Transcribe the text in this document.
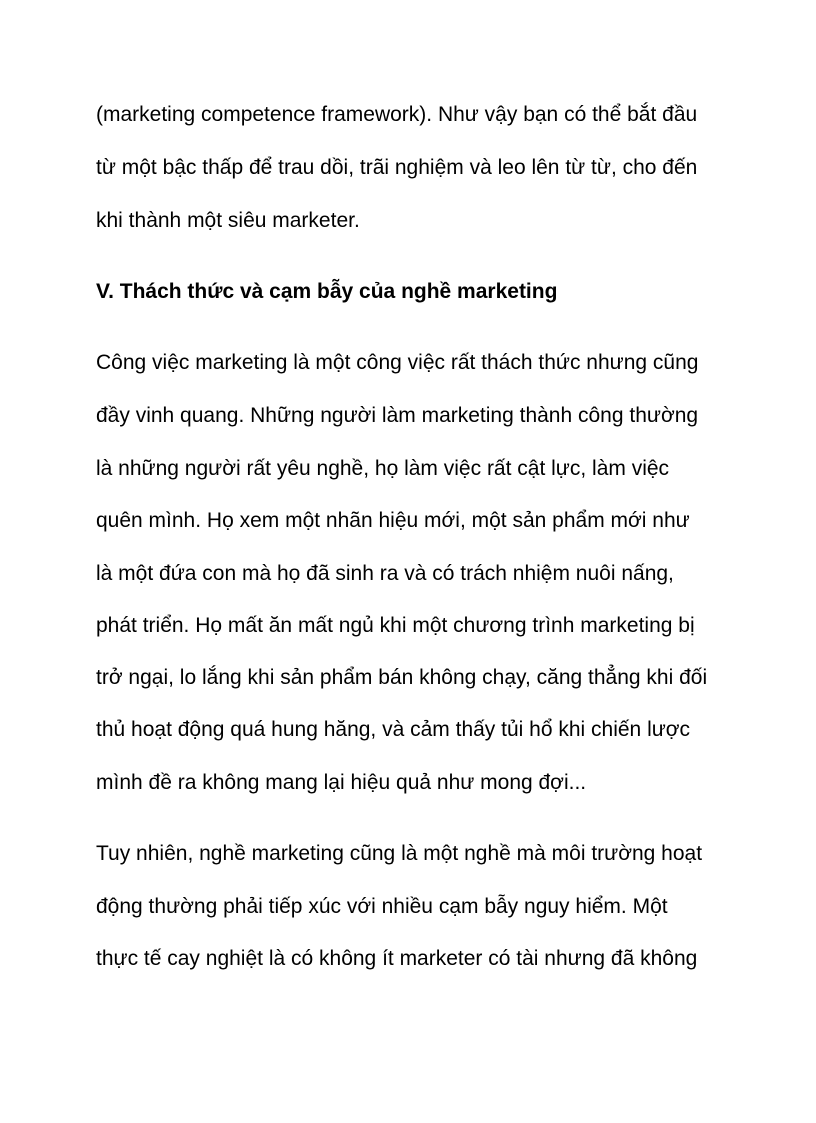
(marketing competence framework). Như vậy bạn có thể bắt đầu
từ một bậc thấp để trau dồi, trãi nghiệm và leo lên từ từ, cho đến
khi thành một siêu marketer.
V. Thách thức và cạm bẫy của nghề marketing
Công việc marketing là một công việc rất thách thức nhưng cũng
đầy vinh quang. Những người làm marketing thành công thường
là những người rất yêu nghề, họ làm việc rất cật lực, làm việc
quên mình. Họ xem một nhãn hiệu mới, một sản phẩm mới như
là một đứa con mà họ đã sinh ra và có trách nhiệm nuôi nấng,
phát triển. Họ mất ăn mất ngủ khi một chương trình marketing bị
trở ngại, lo lắng khi sản phẩm bán không chạy, căng thẳng khi đối
thủ hoạt động quá hung hăng, và cảm thấy tủi hổ khi chiến lược
mình đề ra không mang lại hiệu quả như mong đợi...
Tuy nhiên, nghề marketing cũng là một nghề mà môi trường hoạt
động thường phải tiếp xúc với nhiều cạm bẫy nguy hiểm. Một
thực tế cay nghiệt là có không ít marketer có tài nhưng đã không
